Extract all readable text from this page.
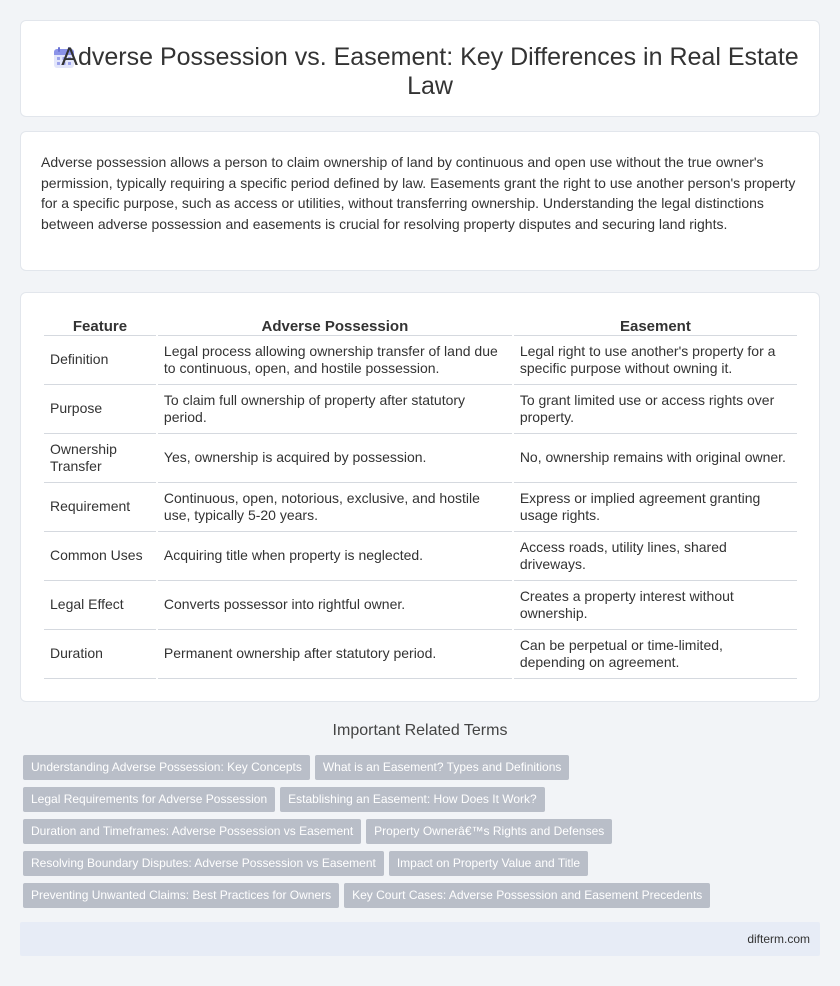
Adverse Possession vs. Easement: Key Differences in Real Estate Law

Adverse possession allows a person to claim ownership of land by continuous and open use without the true owner's permission, typically requiring a specific period defined by law. Easements grant the right to use another person's property for a specific purpose, such as access or utilities, without transferring ownership. Understanding the legal distinctions between adverse possession and easements is crucial for resolving property disputes and securing land rights.

Feature	Adverse Possession	Easement
Definition	Legal process allowing ownership transfer of land due to continuous, open, and hostile possession.	Legal right to use another's property for a specific purpose without owning it.
Purpose	To claim full ownership of property after statutory period.	To grant limited use or access rights over property.
Ownership Transfer	Yes, ownership is acquired by possession.	No, ownership remains with original owner.
Requirement	Continuous, open, notorious, exclusive, and hostile use, typically 5-20 years.	Express or implied agreement granting usage rights.
Common Uses	Acquiring title when property is neglected.	Access roads, utility lines, shared driveways.
Legal Effect	Converts possessor into rightful owner.	Creates a property interest without ownership.
Duration	Permanent ownership after statutory period.	Can be perpetual or time-limited, depending on agreement.
Important Related Terms
Understanding Adverse Possession: Key Concepts What is an Easement? Types and Definitions
Legal Requirements for Adverse Possession Establishing an Easement: How Does It Work?
Duration and Timeframes: Adverse Possession vs Easement Property Ownerâ€™s Rights and Defenses
Resolving Boundary Disputes: Adverse Possession vs Easement Impact on Property Value and Title
Preventing Unwanted Claims: Best Practices for Owners Key Court Cases: Adverse Possession and Easement Precedents
difterm.com
